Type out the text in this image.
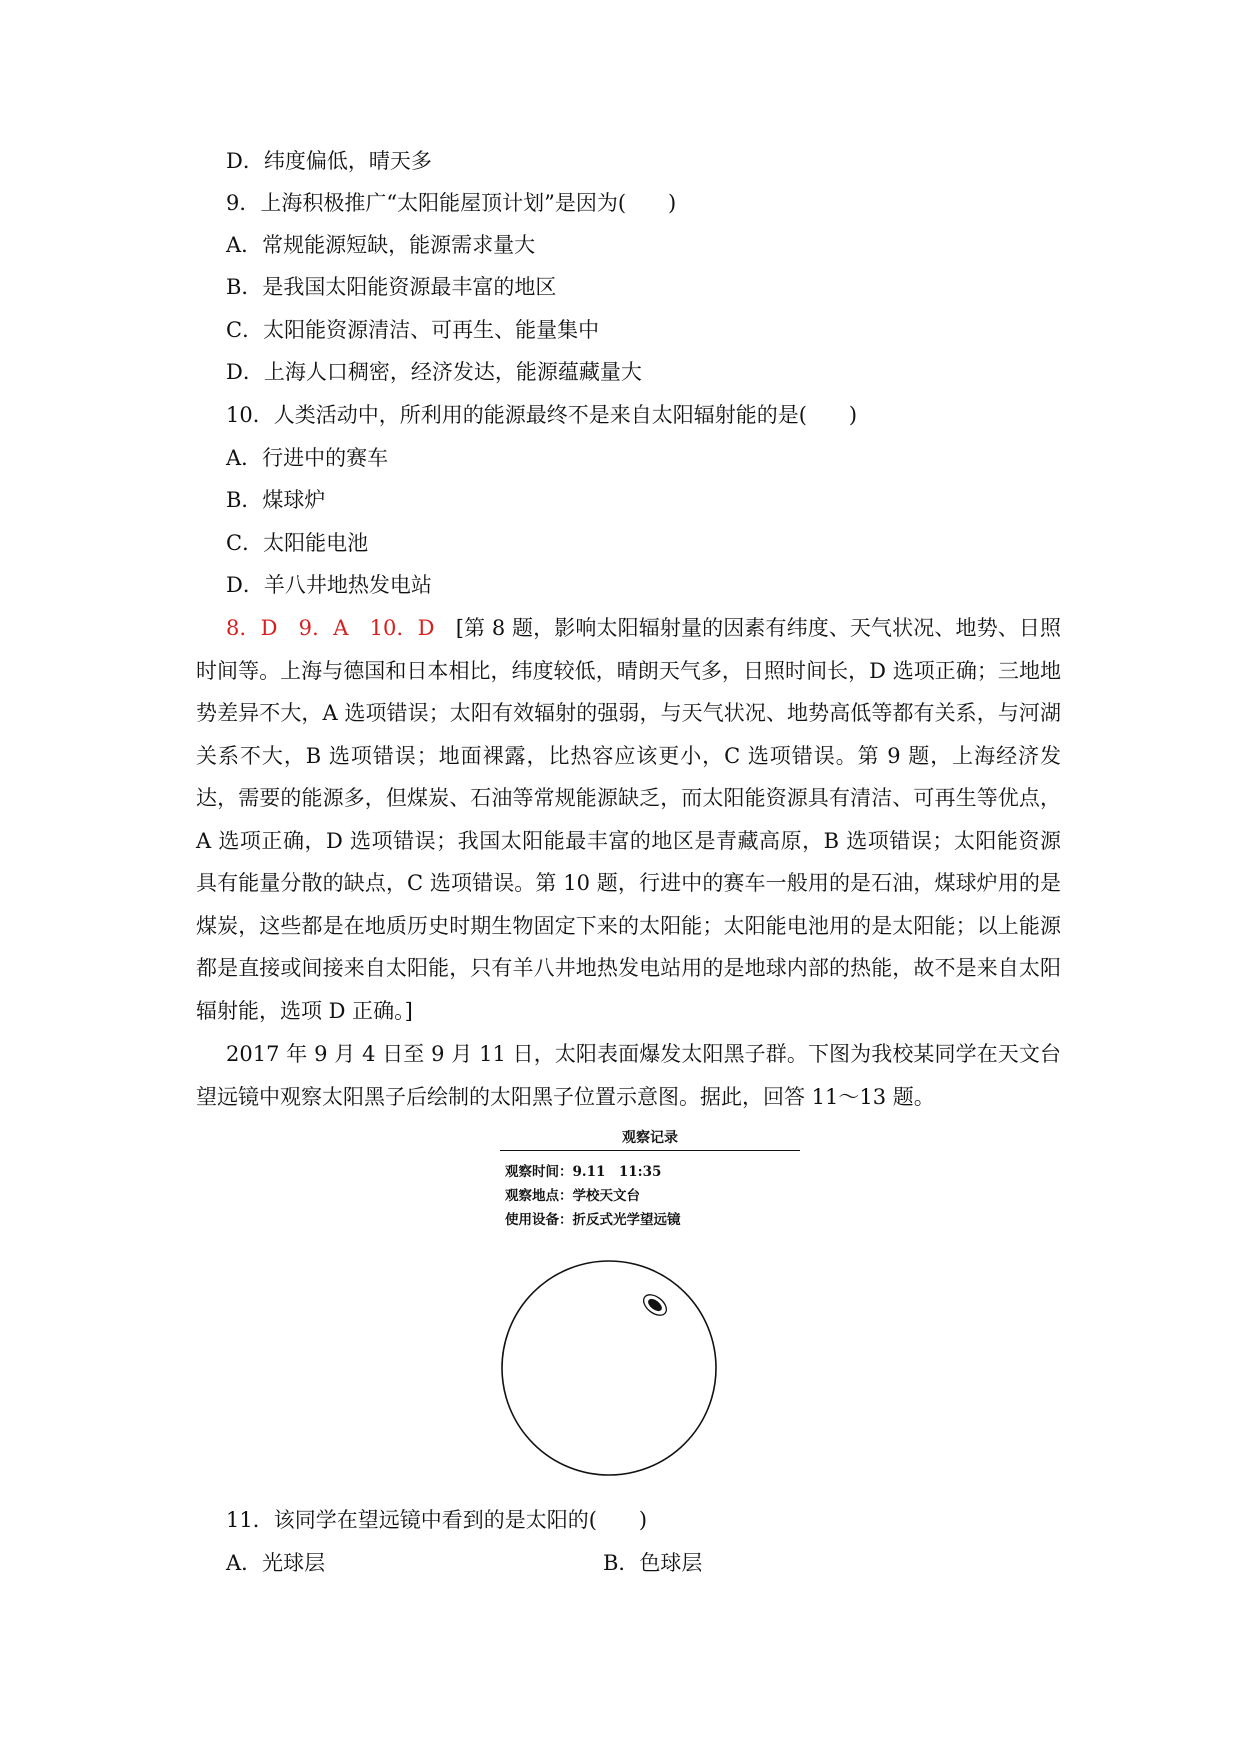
D．纬度偏低，晴天多
9．上海积极推广“太阳能屋顶计划”是因为(　　)
A．常规能源短缺，能源需求量大
B．是我国太阳能资源最丰富的地区
C．太阳能资源清洁、可再生、能量集中
D．上海人口稠密，经济发达，能源蕴藏量大
10．人类活动中，所利用的能源最终不是来自太阳辐射能的是(　　)
A．行进中的赛车
B．煤球炉
C．太阳能电池
D．羊八井地热发电站
8．D　9．A　10．D　 [第 8 题，影响太阳辐射量的因素有纬度、天气状况、地势、日照时间等。上海与德国和日本相比，纬度较低，晴朗天气多，日照时间长，D 选项正确；三地地势差异不大，A 选项错误；太阳有效辐射的强弱，与天气状况、地势高低等都有关系，与河湖关系不大，B 选项错误；地面裸露，比热容应该更小，C 选项错误。第 9 题，上海经济发达，需要的能源多，但煤炭、石油等常规能源缺乏，而太阳能资源具有清洁、可再生等优点，A 选项正确，D 选项错误；我国太阳能最丰富的地区是青藏高原，B 选项错误；太阳能资源具有能量分散的缺点，C 选项错误。第 10 题，行进中的赛车一般用的是石油，煤球炉用的是煤炭，这些都是在地质历史时期生物固定下来的太阳能；太阳能电池用的是太阳能；以上能源都是直接或间接来自太阳能，只有羊八井地热发电站用的是地球内部的热能，故不是来自太阳辐射能，选项 D 正确。]
2017 年 9 月 4 日至 9 月 11 日，太阳表面爆发太阳黑子群。下图为我校某同学在天文台望远镜中观察太阳黑子后绘制的太阳黑子位置示意图。据此，回答 11～13 题。
观察记录
观察时间：9.11　11:35
观察地点：学校天文台
使用设备：折反式光学望远镜
11．该同学在望远镜中看到的是太阳的(　　)
A．光球层	B．色球层
